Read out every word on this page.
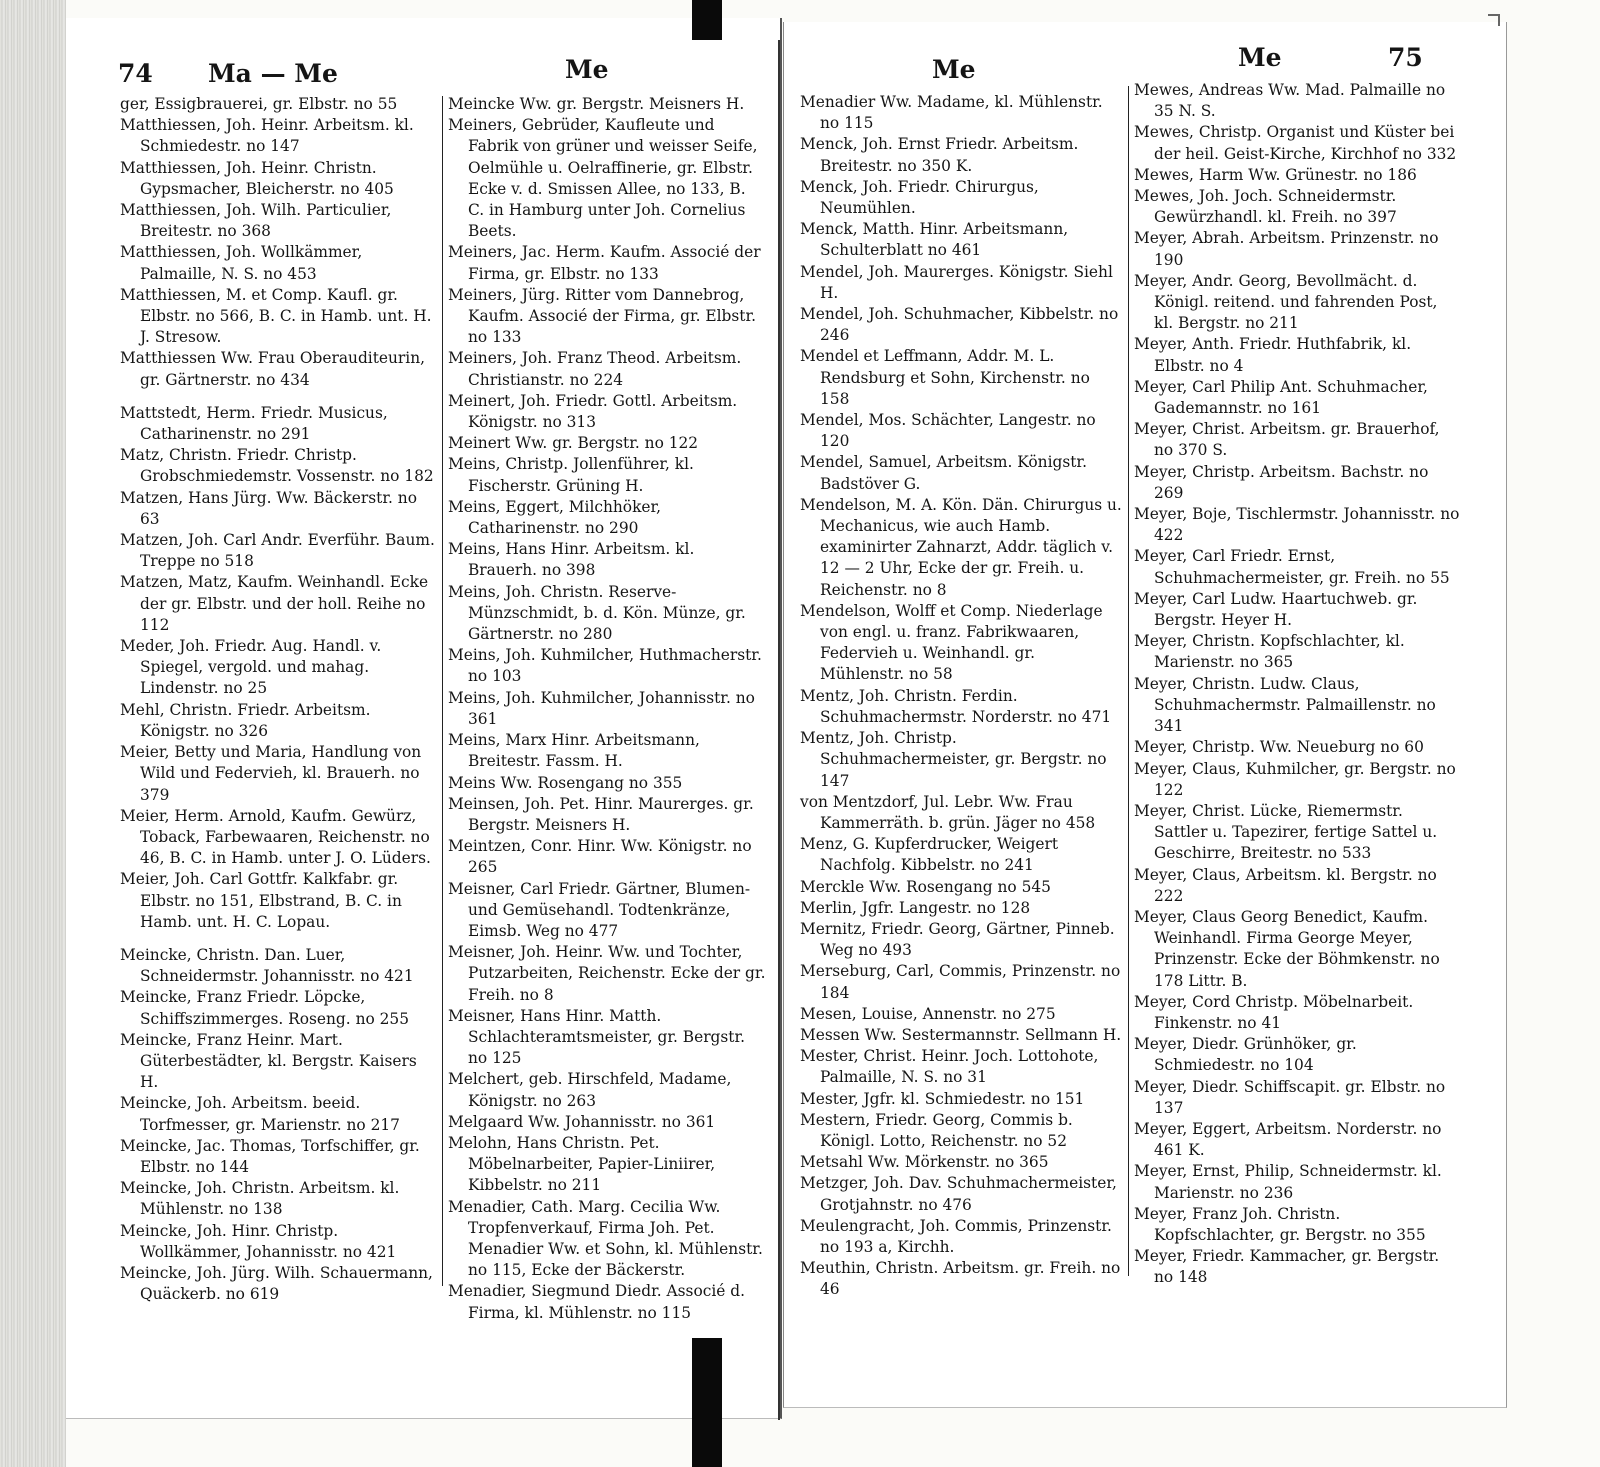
74 Ma — Me	Me	Me	Me	75

ger, Essigbrauerei, gr. Elbstr. no 55

Matthiessen, Joh. Heinr. Arbeitsm. kl. Schmiedestr. no 147

Matthiessen, Joh. Heinr. Christn. Gypsmacher, Bleicherstr. no 405

Matthiessen, Joh. Wilh. Particulier, Breitestr. no 368

Matthiessen, Joh. Wollkämmer, Palmaille, N. S. no 453

Matthiessen, M. et Comp. Kaufl. gr. Elbstr. no 566, B. C. in Hamb. unt. H. J. Stresow.

Matthiessen Ww. Frau Oberauditeurin, gr. Gärtnerstr. no 434

Mattstedt, Herm. Friedr. Musicus, Catharinenstr. no 291

Matz, Christn. Friedr. Christp. Grobschmiedemstr. Vossenstr. no 182

Matzen, Hans Jürg. Ww. Bäckerstr. no 63

Matzen, Joh. Carl Andr. Everführ. Baum. Treppe no 518

Matzen, Matz, Kaufm. Weinhandl. Ecke der gr. Elbstr. und der holl. Reihe no 112

Meder, Joh. Friedr. Aug. Handl. v. Spiegel, vergold. und mahag. Lindenstr. no 25

Mehl, Christn. Friedr. Arbeitsm. Königstr. no 326

Meier, Betty und Maria, Handlung von Wild und Federvieh, kl. Brauerh. no 379

Meier, Herm. Arnold, Kaufm. Gewürz, Toback, Farbewaaren, Reichenstr. no 46, B. C. in Hamb. unter J. O. Lüders.

Meier, Joh. Carl Gottfr. Kalkfabr. gr. Elbstr. no 151, Elbstrand, B. C. in Hamb. unt. H. C. Lopau.

Meincke, Christn. Dan. Luer, Schneidermstr. Johannisstr. no 421

Meincke, Franz Friedr. Löpcke, Schiffszimmerges. Roseng. no 255

Meincke, Franz Heinr. Mart. Güterbestädter, kl. Bergstr. Kaisers H.

Meincke, Joh. Arbeitsm. beeid. Torfmesser, gr. Marienstr. no 217

Meincke, Jac. Thomas, Torfschiffer, gr. Elbstr. no 144

Meincke, Joh. Christn. Arbeitsm. kl. Mühlenstr. no 138

Meincke, Joh. Hinr. Christp. Wollkämmer, Johannisstr. no 421

Meincke, Joh. Jürg. Wilh. Schauermann, Quäckerb. no 619

Meincke Ww. gr. Bergstr. Meisners H.

Meiners, Gebrüder, Kaufleute und Fabrik von grüner und weisser Seife, Oelmühle u. Oelraffinerie, gr. Elbstr. Ecke v. d. Smissen Allee, no 133, B. C. in Hamburg unter Joh. Cornelius Beets.

Meiners, Jac. Herm. Kaufm. Associé der Firma, gr. Elbstr. no 133

Meiners, Jürg. Ritter vom Dannebrog, Kaufm. Associé der Firma, gr. Elbstr. no 133

Meiners, Joh. Franz Theod. Arbeitsm. Christianstr. no 224

Meinert, Joh. Friedr. Gottl. Arbeitsm. Königstr. no 313

Meinert Ww. gr. Bergstr. no 122

Meins, Christp. Jollenführer, kl. Fischerstr. Grüning H.

Meins, Eggert, Milchhöker, Catharinenstr. no 290

Meins, Hans Hinr. Arbeitsm. kl. Brauerh. no 398

Meins, Joh. Christn. Reserve-Münzschmidt, b. d. Kön. Münze, gr. Gärtnerstr. no 280

Meins, Joh. Kuhmilcher, Huthmacherstr. no 103

Meins, Joh. Kuhmilcher, Johannisstr. no 361

Meins, Marx Hinr. Arbeitsmann, Breitestr. Fassm. H.

Meins Ww. Rosengang no 355

Meinsen, Joh. Pet. Hinr. Maurerges. gr. Bergstr. Meisners H.

Meintzen, Conr. Hinr. Ww. Königstr. no 265

Meisner, Carl Friedr. Gärtner, Blumen- und Gemüsehandl. Todtenkränze, Eimsb. Weg no 477

Meisner, Joh. Heinr. Ww. und Tochter, Putzarbeiten, Reichenstr. Ecke der gr. Freih. no 8

Meisner, Hans Hinr. Matth. Schlachteramtsmeister, gr. Bergstr. no 125

Melchert, geb. Hirschfeld, Madame, Königstr. no 263

Melgaard Ww. Johannisstr. no 361

Melohn, Hans Christn. Pet. Möbelnarbeiter, Papier-Liniirer, Kibbelstr. no 211

Menadier, Cath. Marg. Cecilia Ww. Tropfenverkauf, Firma Joh. Pet. Menadier Ww. et Sohn, kl. Mühlenstr. no 115, Ecke der Bäckerstr.

Menadier, Siegmund Diedr. Associé d. Firma, kl. Mühlenstr. no 115

Menadier Ww. Madame, kl. Mühlenstr. no 115

Menck, Joh. Ernst Friedr. Arbeitsm. Breitestr. no 350 K.

Menck, Joh. Friedr. Chirurgus, Neumühlen.

Menck, Matth. Hinr. Arbeitsmann, Schulterblatt no 461

Mendel, Joh. Maurerges. Königstr. Siehl H.

Mendel, Joh. Schuhmacher, Kibbelstr. no 246

Mendel et Leffmann, Addr. M. L. Rendsburg et Sohn, Kirchenstr. no 158

Mendel, Mos. Schächter, Langestr. no 120

Mendel, Samuel, Arbeitsm. Königstr. Badstöver G.

Mendelson, M. A. Kön. Dän. Chirurgus u. Mechanicus, wie auch Hamb. examinirter Zahnarzt, Addr. täglich v. 12 — 2 Uhr, Ecke der gr. Freih. u. Reichenstr. no 8

Mendelson, Wolff et Comp. Niederlage von engl. u. franz. Fabrikwaaren, Federvieh u. Weinhandl. gr. Mühlenstr. no 58

Mentz, Joh. Christn. Ferdin. Schuhmachermstr. Norderstr. no 471

Mentz, Joh. Christp. Schuhmachermeister, gr. Bergstr. no 147

von Mentzdorf, Jul. Lebr. Ww. Frau Kammerräth. b. grün. Jäger no 458

Menz, G. Kupferdrucker, Weigert Nachfolg. Kibbelstr. no 241

Merckle Ww. Rosengang no 545

Merlin, Jgfr. Langestr. no 128

Mernitz, Friedr. Georg, Gärtner, Pinneb. Weg no 493

Merseburg, Carl, Commis, Prinzenstr. no 184

Mesen, Louise, Annenstr. no 275

Messen Ww. Sestermannstr. Sellmann H.

Mester, Christ. Heinr. Joch. Lottohote, Palmaille, N. S. no 31

Mester, Jgfr. kl. Schmiedestr. no 151

Mestern, Friedr. Georg, Commis b. Königl. Lotto, Reichenstr. no 52

Metsahl Ww. Mörkenstr. no 365

Metzger, Joh. Dav. Schuhmachermeister, Grotjahnstr. no 476

Meulengracht, Joh. Commis, Prinzenstr. no 193 a, Kirchh.

Meuthin, Christn. Arbeitsm. gr. Freih. no 46

Mewes, Andreas Ww. Mad. Palmaille no 35 N. S.

Mewes, Christp. Organist und Küster bei der heil. Geist-Kirche, Kirchhof no 332

Mewes, Harm Ww. Grünestr. no 186

Mewes, Joh. Joch. Schneidermstr. Gewürzhandl. kl. Freih. no 397

Meyer, Abrah. Arbeitsm. Prinzenstr. no 190

Meyer, Andr. Georg, Bevollmächt. d. Königl. reitend. und fahrenden Post, kl. Bergstr. no 211

Meyer, Anth. Friedr. Huthfabrik, kl. Elbstr. no 4

Meyer, Carl Philip Ant. Schuhmacher, Gademannstr. no 161

Meyer, Christ. Arbeitsm. gr. Brauerhof, no 370 S.

Meyer, Christp. Arbeitsm. Bachstr. no 269

Meyer, Boje, Tischlermstr. Johannisstr. no 422

Meyer, Carl Friedr. Ernst, Schuhmachermeister, gr. Freih. no 55

Meyer, Carl Ludw. Haartuchweb. gr. Bergstr. Heyer H.

Meyer, Christn. Kopfschlachter, kl. Marienstr. no 365

Meyer, Christn. Ludw. Claus, Schuhmachermstr. Palmaillenstr. no 341

Meyer, Christp. Ww. Neueburg no 60

Meyer, Claus, Kuhmilcher, gr. Bergstr. no 122

Meyer, Christ. Lücke, Riemermstr. Sattler u. Tapezirer, fertige Sattel u. Geschirre, Breitestr. no 533

Meyer, Claus, Arbeitsm. kl. Bergstr. no 222

Meyer, Claus Georg Benedict, Kaufm. Weinhandl. Firma George Meyer, Prinzenstr. Ecke der Böhmkenstr. no 178 Littr. B.

Meyer, Cord Christp. Möbelnarbeit. Finkenstr. no 41

Meyer, Diedr. Grünhöker, gr. Schmiedestr. no 104

Meyer, Diedr. Schiffscapit. gr. Elbstr. no 137

Meyer, Eggert, Arbeitsm. Norderstr. no 461 K.

Meyer, Ernst, Philip, Schneidermstr. kl. Marienstr. no 236

Meyer, Franz Joh. Christn. Kopfschlachter, gr. Bergstr. no 355

Meyer, Friedr. Kammacher, gr. Bergstr. no 148
